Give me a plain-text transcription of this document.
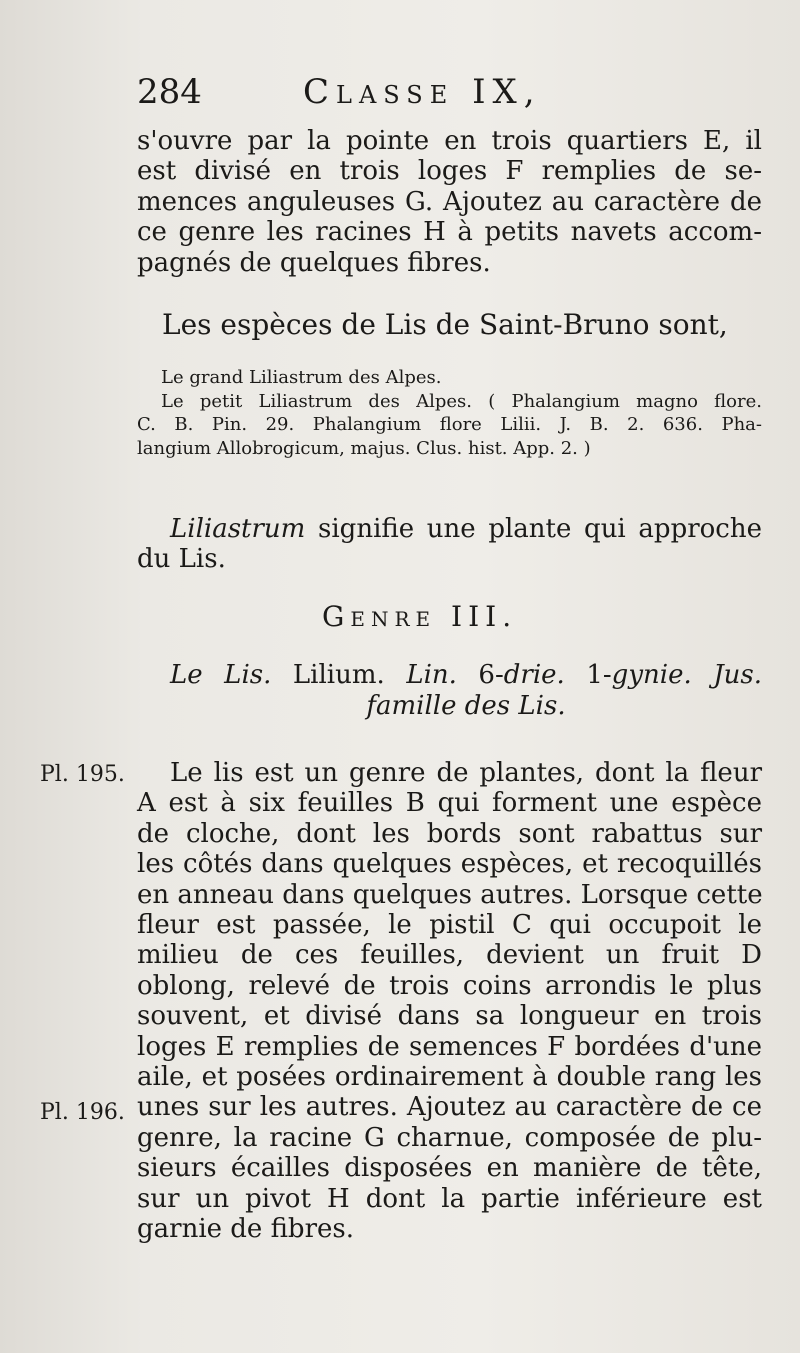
284	Classe IX,
s'ouvre par la pointe en trois quartiers E, il
est divisé en trois loges F remplies de se-
mences anguleuses G. Ajoutez au caractère de
ce genre les racines H à petits navets accom-
pagnés de quelques fibres.
Les espèces de Lis de Saint-Bruno sont,
Le grand Liliastrum des Alpes.
Le petit Liliastrum des Alpes. ( Phalangium magno flore.
C. B. Pin. 29. Phalangium flore Lilii. J. B. 2. 636. Pha-
langium Allobrogicum, majus. Clus. hist. App. 2. )
Liliastrum signifie une plante qui approche
du Lis.
Genre III.
Le Lis. Lilium. Lin. 6-drie. 1-gynie. Jus.
famille des Lis.
Pl. 195.
Pl. 196.
Le lis est un genre de plantes, dont la fleur
A est à six feuilles B qui forment une espèce
de cloche, dont les bords sont rabattus sur
les côtés dans quelques espèces, et recoquillés
en anneau dans quelques autres. Lorsque cette
fleur est passée, le pistil C qui occupoit le
milieu de ces feuilles, devient un fruit D
oblong, relevé de trois coins arrondis le plus
souvent, et divisé dans sa longueur en trois
loges E remplies de semences F bordées d'une
aile, et posées ordinairement à double rang les
unes sur les autres. Ajoutez au caractère de ce
genre, la racine G charnue, composée de plu-
sieurs écailles disposées en manière de tête,
sur un pivot H dont la partie inférieure est
garnie de fibres.
